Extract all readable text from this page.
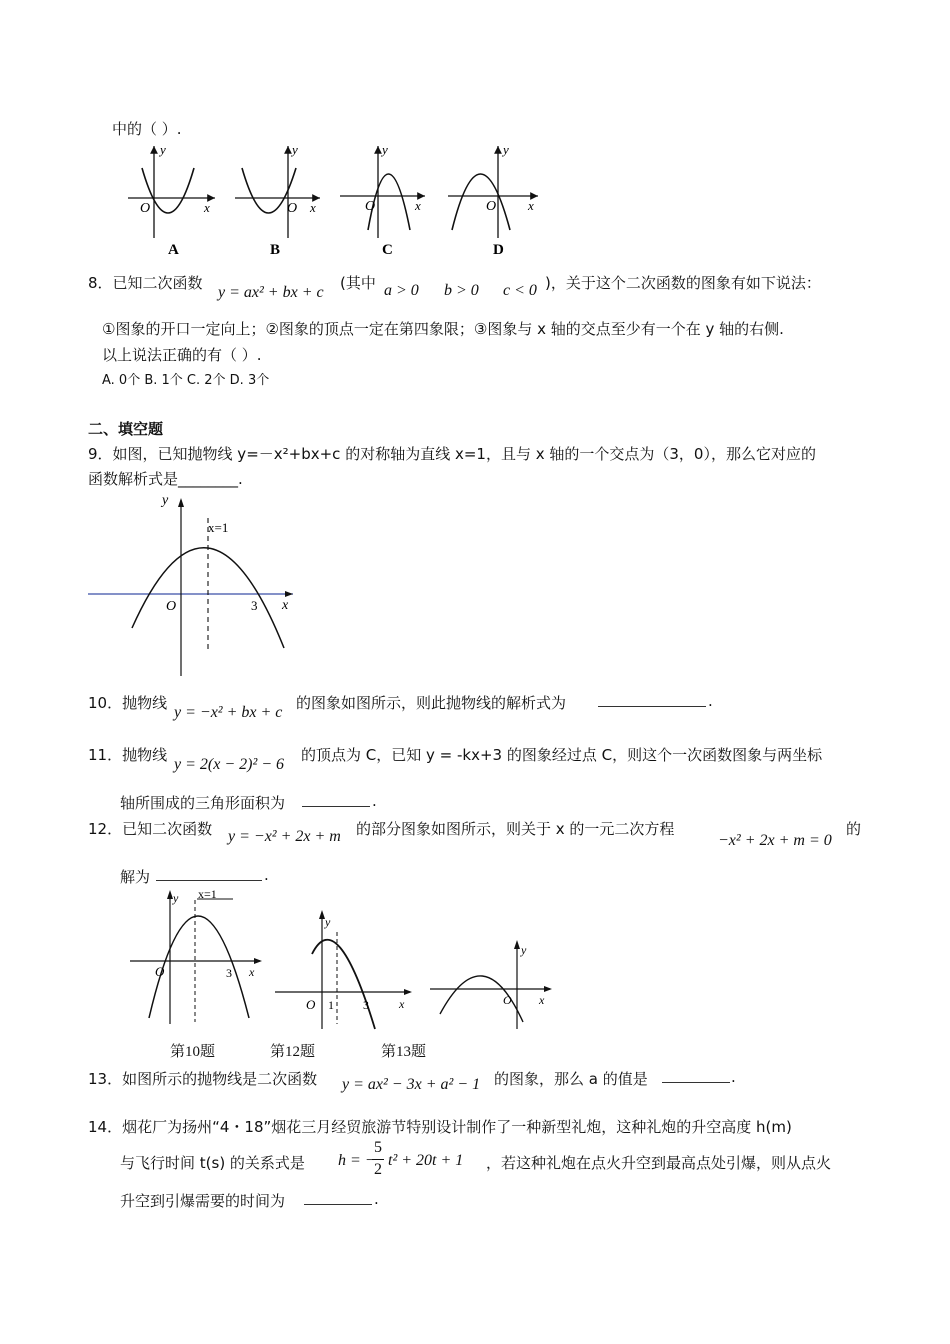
中的（ ）.
y
x
O
A
y
x
O
B
y
x
O
C
y
x
O
D
8．已知二次函数
y = ax² + bx + c
(其中 a > 0 b > 0 c < 0 )，关于这个二次函数的图象有如下说法：
①图象的开口一定向上；②图象的顶点一定在第四象限；③图象与 x 轴的交点至少有一个在 y 轴的右侧.
以上说法正确的有（ ）.
A. 0个 B. 1个 C. 2个 D. 3个
二、填空题
9．如图，已知抛物线 y=－x²+bx+c 的对称轴为直线 x=1，且与 x 轴的一个交点为（3，0），那么它对应的
函数解析式是________.
y
x
O
x=1
3
10．抛物线
y = −x² + bx + c
的图象如图所示，则此抛物线的解析式为	.
11．抛物线
y = 2(x − 2)² − 6
的顶点为 C，已知 y = -kx+3 的图象经过点 C，则这个一次函数图象与两坐标
轴所围成的三角形面积为	.
12．已知二次函数 y = −x² + 2x + m 的部分图象如图所示，则关于 x 的一元二次方程
−x² + 2x + m = 0
的
解为	.
y
x
O
x=1
3
y
x
O 1 3
y
x
O
第10题	第12题	第13题
13．如图所示的抛物线是二次函数 y = ax² − 3x + a² − 1 的图象，那么 a 的值是	.
14．烟花厂为扬州“4・18”烟花三月经贸旅游节特别设计制作了一种新型礼炮，这种礼炮的升空高度 h(m)
与飞行时间 t(s) 的关系式是 h = −
5
2
t² + 20t + 1 ，若这种礼炮在点火升空到最高点处引爆，则从点火
升空到引爆需要的时间为	.
